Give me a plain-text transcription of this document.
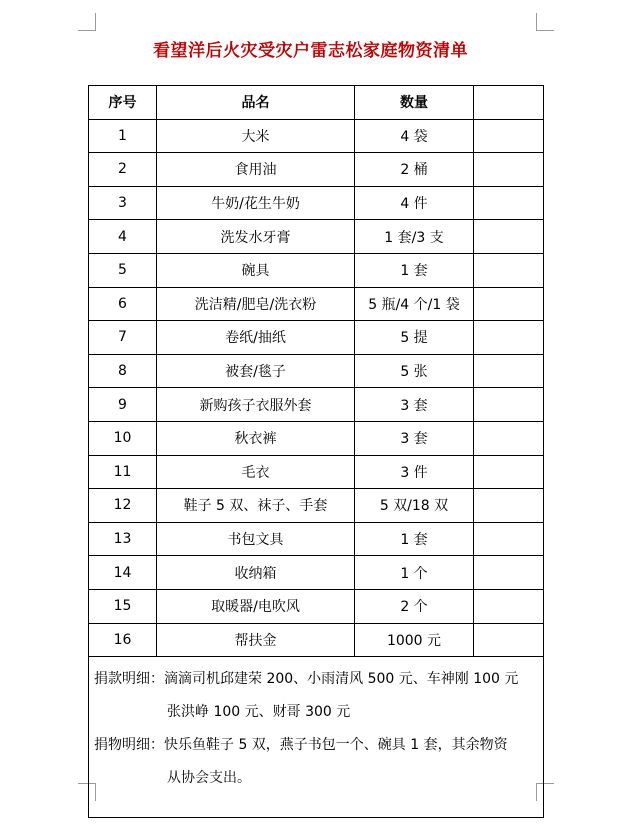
看望洋后火灾受灾户雷志松家庭物资清单
序号	品名	数量	
1	大米	4 袋	
2	食用油	2 桶	
3	牛奶/花生牛奶	4 件	
4	洗发水牙膏	1 套/3 支	
5	碗具	1 套	
6	洗洁精/肥皂/洗衣粉	5 瓶/4 个/1 袋	
7	卷纸/抽纸	5 提	
8	被套/毯子	5 张	
9	新购孩子衣服外套	3 套	
10	秋衣裤	3 套	
11	毛衣	3 件	
12	鞋子 5 双、袜子、手套	5 双/18 双	
13	书包文具	1 套	
14	收纳箱	1 个	
15	取暖器/电吹风	2 个	
16	帮扶金	1000 元	

捐款明细：滴滴司机邱建荣 200、小雨清风 500 元、车神刚 100 元
张洪峥 100 元、财哥 300 元
捐物明细：快乐鱼鞋子 5 双，燕子书包一个、碗具 1 套，其余物资
从协会支出。			
